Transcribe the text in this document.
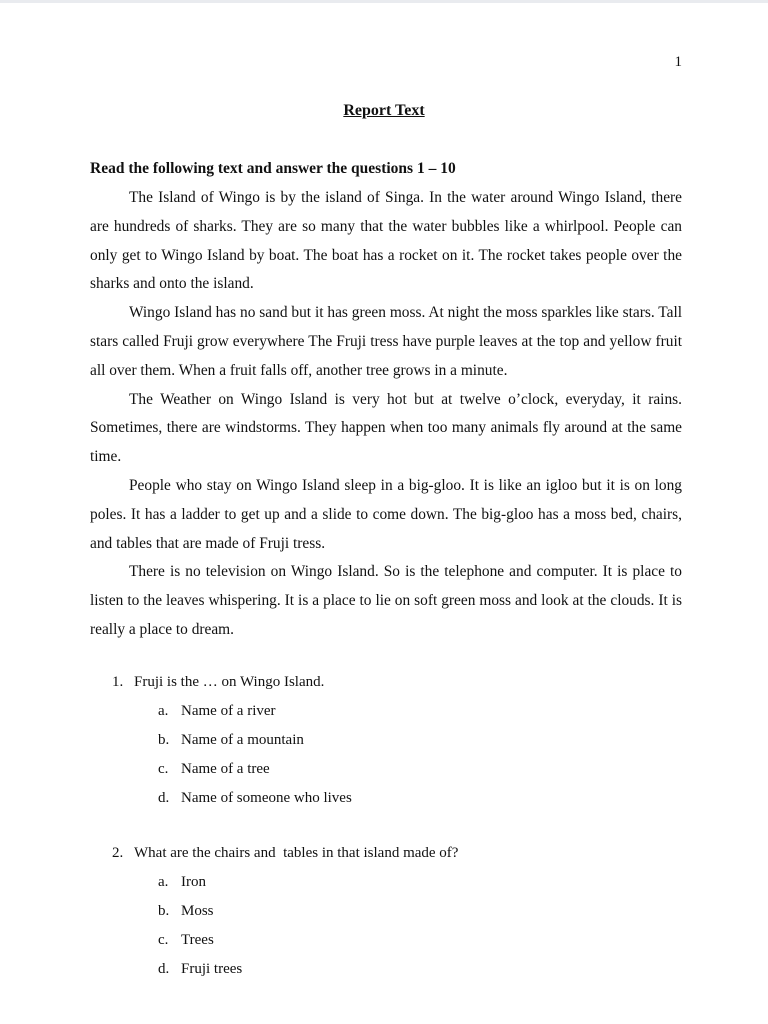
1
Report Text
Read the following text and answer the questions 1 – 10

The Island of Wingo is by the island of Singa. In the water around Wingo Island, there are hundreds of sharks. They are so many that the water bubbles like a whirlpool. People can only get to Wingo Island by boat. The boat has a rocket on it. The rocket takes people over the sharks and onto the island.

Wingo Island has no sand but it has green moss. At night the moss sparkles like stars. Tall stars called Fruji grow everywhere The Fruji tress have purple leaves at the top and yellow fruit all over them. When a fruit falls off, another tree grows in a minute.

The Weather on Wingo Island is very hot but at twelve o’clock, everyday, it rains. Sometimes, there are windstorms. They happen when too many animals fly around at the same time.

People who stay on Wingo Island sleep in a big-gloo. It is like an igloo but it is on long poles. It has a ladder to get up and a slide to come down. The big-gloo has a moss bed, chairs, and tables that are made of Fruji tress.

There is no television on Wingo Island. So is the telephone and computer. It is place to listen to the leaves whispering. It is a place to lie on soft green moss and look at the clouds. It is really a place to dream.

1. Fruji is the … on Wingo Island.
a. Name of a river
b. Name of a mountain
c. Name of a tree
d. Name of someone who lives
2. What are the chairs and  tables in that island made of?
a. Iron
b. Moss
c. Trees
d. Fruji trees
